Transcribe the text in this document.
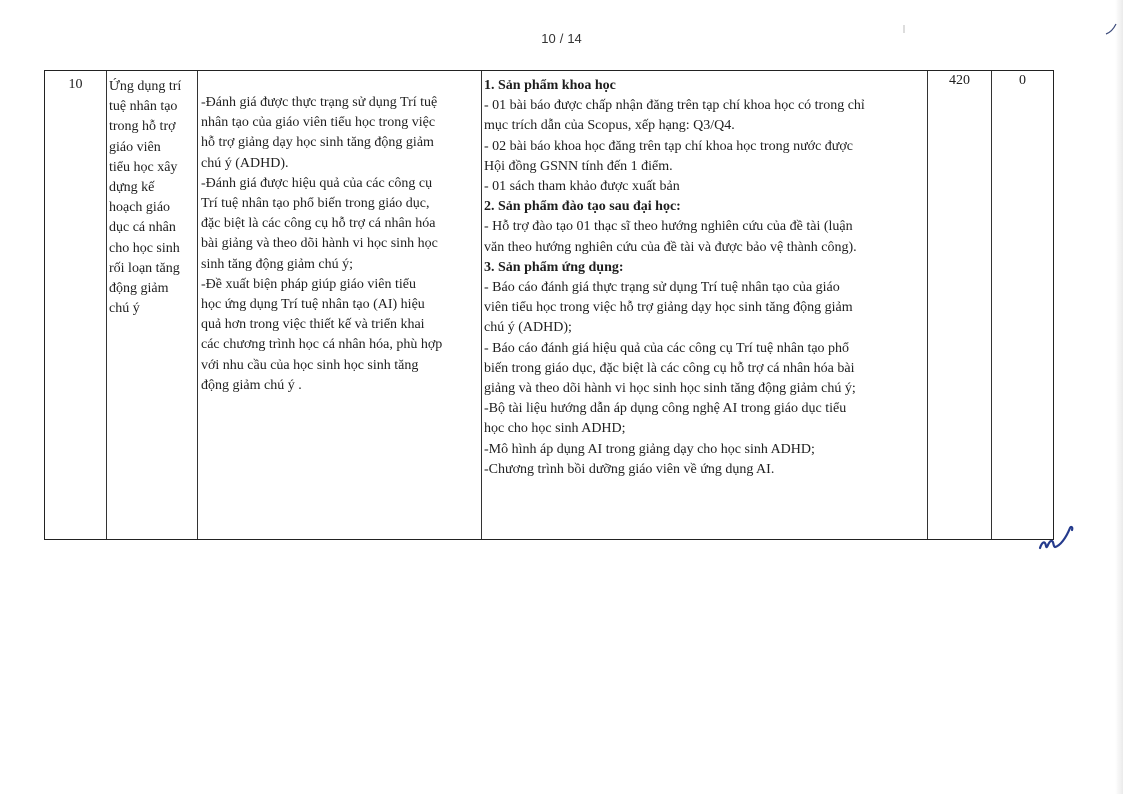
10 / 14
10	Ứng dụng trí
tuệ nhân tạo
trong hỗ trợ
giáo viên
tiểu học xây
dựng kế
hoạch giáo
dục cá nhân
cho học sinh
rối loạn tăng
động giảm
chú ý
-Đánh giá được thực trạng sử dụng Trí tuệ
nhân tạo của giáo viên tiểu học trong việc
hỗ trợ giảng dạy học sinh tăng động giảm
chú ý (ADHD).
-Đánh giá được hiệu quả của các công cụ
Trí tuệ nhân tạo phổ biến trong giáo dục,
đặc biệt là các công cụ hỗ trợ cá nhân hóa
bài giảng và theo dõi hành vi học sinh học
sinh tăng động giảm chú ý;
-Đề xuất biện pháp giúp giáo viên tiểu
học ứng dụng Trí tuệ nhân tạo (AI) hiệu
quả hơn trong việc thiết kế và triển khai
các chương trình học cá nhân hóa, phù hợp
với nhu cầu của học sinh học sinh tăng
động giảm chú ý .
1. Sản phẩm khoa học
- 01 bài báo được chấp nhận đăng trên tạp chí khoa học có trong chỉ
mục trích dẫn của Scopus, xếp hạng: Q3/Q4.
- 02 bài báo khoa học đăng trên tạp chí khoa học trong nước được
Hội đồng GSNN tính đến 1 điểm.
- 01 sách tham khảo được xuất bản
2. Sản phẩm đào tạo sau đại học:
- Hỗ trợ đào tạo 01 thạc sĩ theo hướng nghiên cứu của đề tài (luận
văn theo hướng nghiên cứu của đề tài và được bảo vệ thành công).
3. Sản phẩm ứng dụng:
- Báo cáo đánh giá thực trạng sử dụng Trí tuệ nhân tạo của giáo
viên tiểu học trong việc hỗ trợ giảng dạy học sinh tăng động giảm
chú ý (ADHD);
- Báo cáo đánh giá hiệu quả của các công cụ Trí tuệ nhân tạo phổ
biến trong giáo dục, đặc biệt là các công cụ hỗ trợ cá nhân hóa bài
giảng và theo dõi hành vi học sinh học sinh tăng động giảm chú ý;
-Bộ tài liệu hướng dẫn áp dụng công nghệ AI trong giáo dục tiểu
học cho học sinh ADHD;
-Mô hình áp dụng AI trong giảng dạy cho học sinh ADHD;
-Chương trình bồi dưỡng giáo viên về ứng dụng AI.
420	0
